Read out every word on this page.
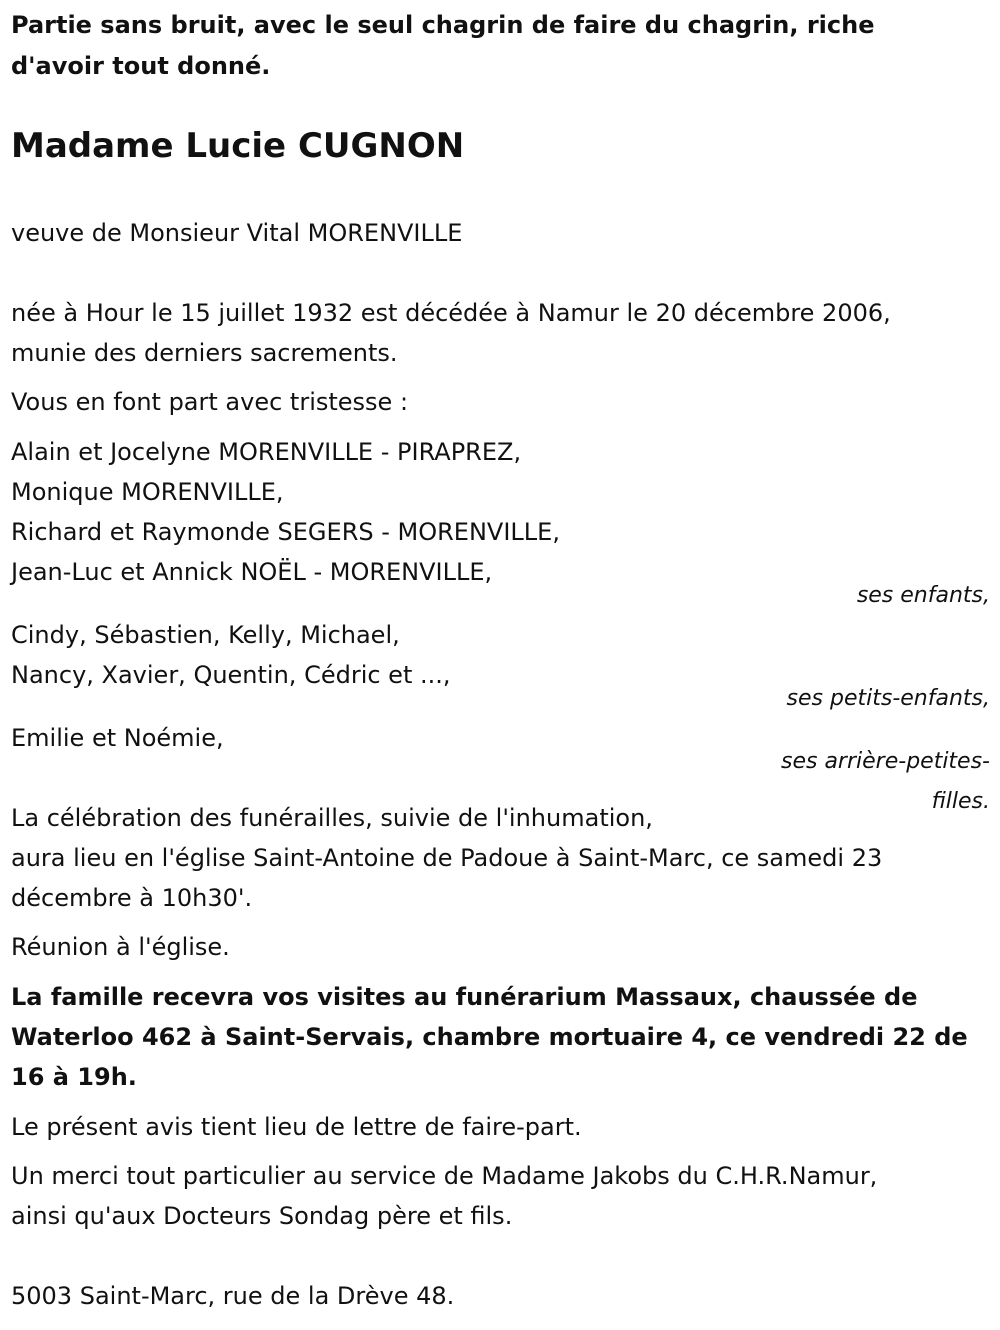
Partie sans bruit, avec le seul chagrin de faire du chagrin, riche
d'avoir tout donné.
Madame Lucie CUGNON
veuve de Monsieur Vital MORENVILLE
née à Hour le 15 juillet 1932 est décédée à Namur le 20 décembre 2006,
munie des derniers sacrements.
Vous en font part avec tristesse :
Alain et Jocelyne MORENVILLE - PIRAPREZ,
Monique MORENVILLE,
Richard et Raymonde SEGERS - MORENVILLE,
Jean-Luc et Annick NOËL - MORENVILLE,
ses enfants,
Cindy, Sébastien, Kelly, Michael,
Nancy, Xavier, Quentin, Cédric et ...,
ses petits-enfants,
Emilie et Noémie,
ses arrière-petites-
filles.
La célébration des funérailles, suivie de l'inhumation,
aura lieu en l'église Saint-Antoine de Padoue à Saint-Marc, ce samedi 23
décembre à 10h30'.
Réunion à l'église.
La famille recevra vos visites au funérarium Massaux, chaussée de
Waterloo 462 à Saint-Servais, chambre mortuaire 4, ce vendredi 22 de
16 à 19h.
Le présent avis tient lieu de lettre de faire-part.
Un merci tout particulier au service de Madame Jakobs du C.H.R.Namur,
ainsi qu'aux Docteurs Sondag père et fils.
5003 Saint-Marc, rue de la Drève 48.
